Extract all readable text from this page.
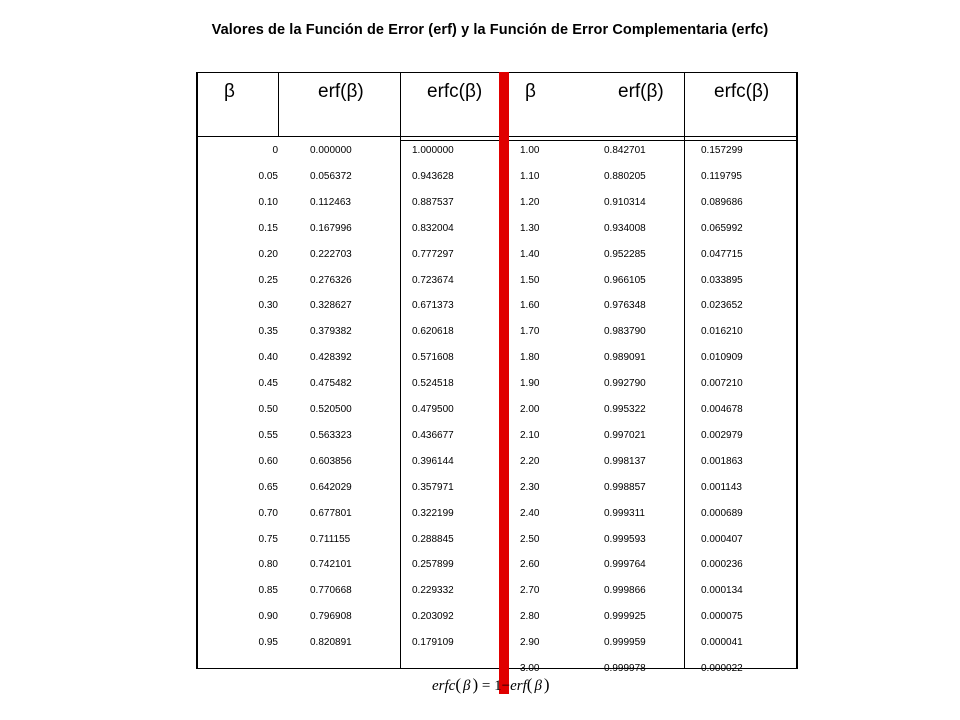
Valores de la Función de Error (erf) y la Función de Error Complementaria (erfc)
β	erf(β)	erfc(β) β	erf(β)	erfc(β)
0	0.000000	1.000000
0.05	0.056372	0.943628
0.10	0.112463	0.887537
0.15	0.167996	0.832004
0.20	0.222703	0.777297
0.25	0.276326	0.723674
0.30	0.328627	0.671373
0.35	0.379382	0.620618
0.40	0.428392	0.571608
0.45	0.475482	0.524518
0.50	0.520500	0.479500
0.55	0.563323	0.436677
0.60	0.603856	0.396144
0.65	0.642029	0.357971
0.70	0.677801	0.322199
0.75	0.711155	0.288845
0.80	0.742101	0.257899
0.85	0.770668	0.229332
0.90	0.796908	0.203092
0.95	0.820891	0.179109
1.00	0.842701	0.157299
1.10	0.880205	0.119795
1.20	0.910314	0.089686
1.30	0.934008	0.065992
1.40	0.952285	0.047715
1.50	0.966105	0.033895
1.60	0.976348	0.023652
1.70	0.983790	0.016210
1.80	0.989091	0.010909
1.90	0.992790	0.007210
2.00	0.995322	0.004678
2.10	0.997021	0.002979
2.20	0.998137	0.001863
2.30	0.998857	0.001143
2.40	0.999311	0.000689
2.50	0.999593	0.000407
2.60	0.999764	0.000236
2.70	0.999866	0.000134
2.80	0.999925	0.000075
2.90	0.999959	0.000041
3.00	0.999978	0.000022
erfc( β ) = 1−erf( β )
